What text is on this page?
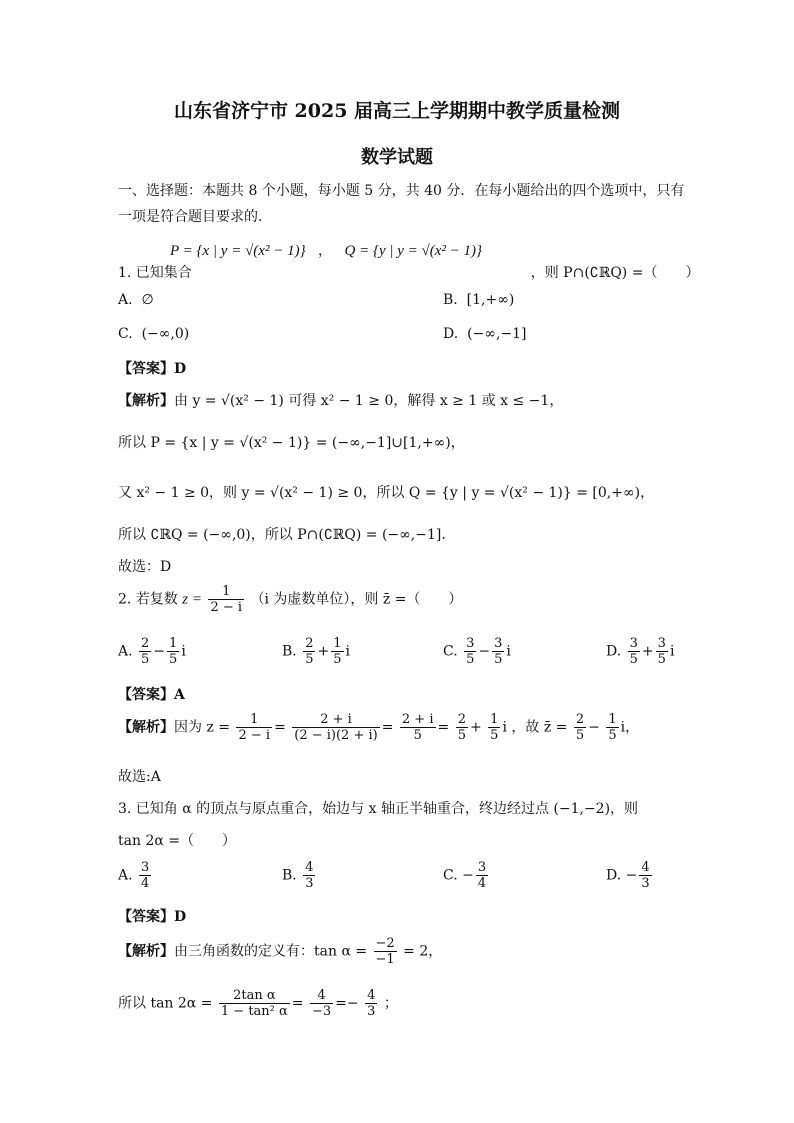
山东省济宁市 2025 届高三上学期期中教学质量检测
数学试题
一、选择题：本题共 8 个小题，每小题 5 分，共 40 分．在每小题给出的四个选项中，只有
一项是符合题目要求的．
P = {x | y = √(x² − 1)} ， Q = {y | y = √(x² − 1)}
1. 已知集合	，则 P∩(∁ℝQ) =（　　）
A. ∅	B. [1,+∞)
C. (−∞,0)	D. (−∞,−1]
【答案】D
【解析】由 y = √(x² − 1) 可得 x² − 1 ≥ 0，解得 x ≥ 1 或 x ≤ −1，
所以 P = {x | y = √(x² − 1)} = (−∞,−1]∪[1,+∞)，
又 x² − 1 ≥ 0，则 y = √(x² − 1) ≥ 0，所以 Q = {y | y = √(x² − 1)} = [0,+∞)，
所以 ∁ℝQ = (−∞,0)，所以 P∩(∁ℝQ) = (−∞,−1]．
故选：D
2. 若复数 $z = \frac{1}{2 - i} (i$ 为虚数单位），则 z̄ =（　　）
A. $\frac{2}{5} - \frac{1}{5}$ i	B. $\frac{2}{5} + \frac{1}{5}$ i	C. $\frac{3}{5} - \frac{3}{5}$ i	D. $\frac{3}{5} + \frac{3}{5}$ i
【答案】A
【解析】因为 $z = \frac{1}{2 - i} = \frac{2 + i}{(2 - i)(2 + i)} = \frac{2 + i}{5} = \frac{2}{5} + \frac{1}{5}$ i ，故 z̄ = $\frac{2}{5} - \frac{1}{5}$ i，
故选:A
3. 已知角 α 的顶点与原点重合，始边与 x 轴正半轴重合，终边经过点 (−1,−2)，则
tan 2α =（　　）
A. $\frac{3}{4}$	B. $\frac{4}{3}$	C. − $\frac{3}{4}$	D. − $\frac{4}{3}$
【答案】D
【解析】由三角函数的定义有：$\tan \alpha = \frac{-2}{-1} = 2$，
所以 $\tan 2\alpha = \frac{\text{2tan α}}{\text{1 − tan² α}} = \frac{4}{-3} =- \frac{4}{3}$ ；
